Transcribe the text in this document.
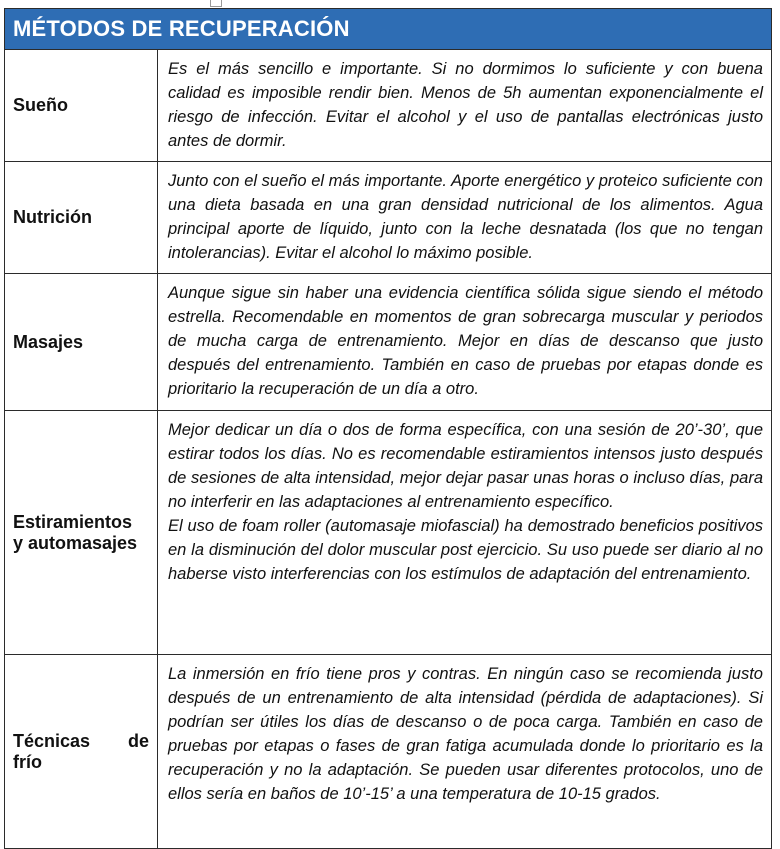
MÉTODOS DE RECUPERACIÓN	
Sueño	Es el más sencillo e importante. Si no dormimos lo suficiente y con buena calidad es imposible rendir bien. Menos de 5h aumentan exponencialmente el riesgo de infección. Evitar el alcohol y el uso de pantallas electrónicas justo antes de dormir.

Nutrición	Junto con el sueño el más importante. Aporte energético y proteico suficiente con una dieta basada en una gran densidad nutricional de los alimentos. Agua principal aporte de líquido, junto con la leche desnatada (los que no tengan intolerancias). Evitar el alcohol lo máximo posible.

Masajes	Aunque sigue sin haber una evidencia científica sólida sigue siendo el método estrella. Recomendable en momentos de gran sobrecarga muscular y periodos de mucha carga de entrenamiento. Mejor en días de descanso que justo después del entrenamiento. También en caso de pruebas por etapas donde es prioritario la recuperación de un día a otro.

Estiramientos
y automasajes	Mejor dedicar un día o dos de forma específica, con una sesión de 20’-30’, que estirar todos los días. No es recomendable estiramientos intensos justo después de sesiones de alta intensidad, mejor dejar pasar unas horas o incluso días, para no interferir en las adaptaciones al entrenamiento específico.
El uso de foam roller (automasaje miofascial) ha demostrado beneficios positivos en la disminución del dolor muscular post ejercicio. Su uso puede ser diario al no haberse visto interferencias con los estímulos de adaptación del entrenamiento.

Técnicas de
frío	La inmersión en frío tiene pros y contras. En ningún caso se recomienda justo después de un entrenamiento de alta intensidad (pérdida de adaptaciones). Si podrían ser útiles los días de descanso o de poca carga. También en caso de pruebas por etapas o fases de gran fatiga acumulada donde lo prioritario es la recuperación y no la adaptación. Se pueden usar diferentes protocolos, uno de ellos sería en baños de 10’-15’ a una temperatura de 10-15 grados.
